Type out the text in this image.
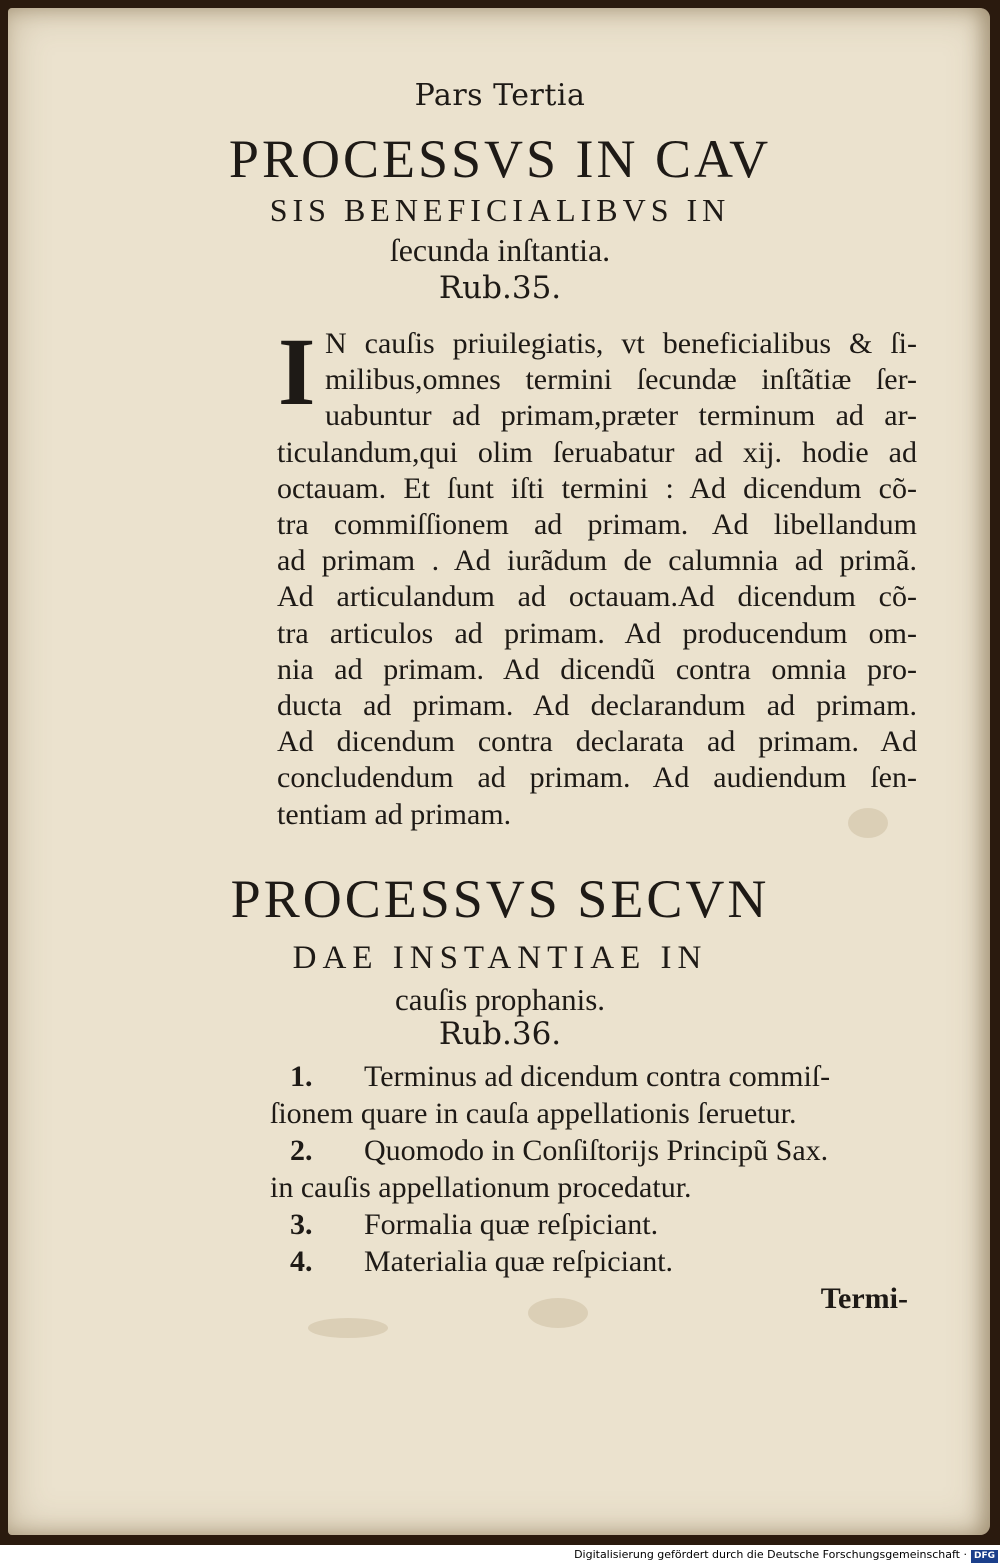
Pars Tertia
PROCESSVS IN CAV
SIS BENEFICIALIBVS IN
ſecunda inſtantia.
Rub.35.
I N cauſis priuilegiatis, vt beneficialibus & ſi-
milibus,omnes termini ſecundæ inſtãtiæ ſer-
uabuntur ad primam,præter terminum ad ar-
ticulandum,qui olim ſeruabatur ad xij. hodie ad
octauam. Et ſunt iſti termini : Ad dicendum cõ-
tra commiſſionem ad primam. Ad libellandum
ad primam . Ad iurãdum de calumnia ad primã.
Ad articulandum ad octauam.Ad dicendum cõ-
tra articulos ad primam. Ad producendum om-
nia ad primam. Ad dicendũ contra omnia pro-
ducta ad primam. Ad declarandum ad primam.
Ad dicendum contra declarata ad primam. Ad
concludendum ad primam. Ad audiendum ſen-
tentiam ad primam.
PROCESSVS SECVN
DAE INSTANTIAE IN
cauſis prophanis.
Rub.36.
1.	Terminus ad dicendum contra commiſ-
ſionem quare in cauſa appellationis ſeruetur.
2.	Quomodo in Conſiſtorijs Principũ Sax.
in cauſis appellationum procedatur.
3.	Formalia quæ reſpiciant.
4.	Materialia quæ reſpiciant.
Termi-
Digitalisierung gefördert durch die Deutsche Forschungsgemeinschaft · DFG
